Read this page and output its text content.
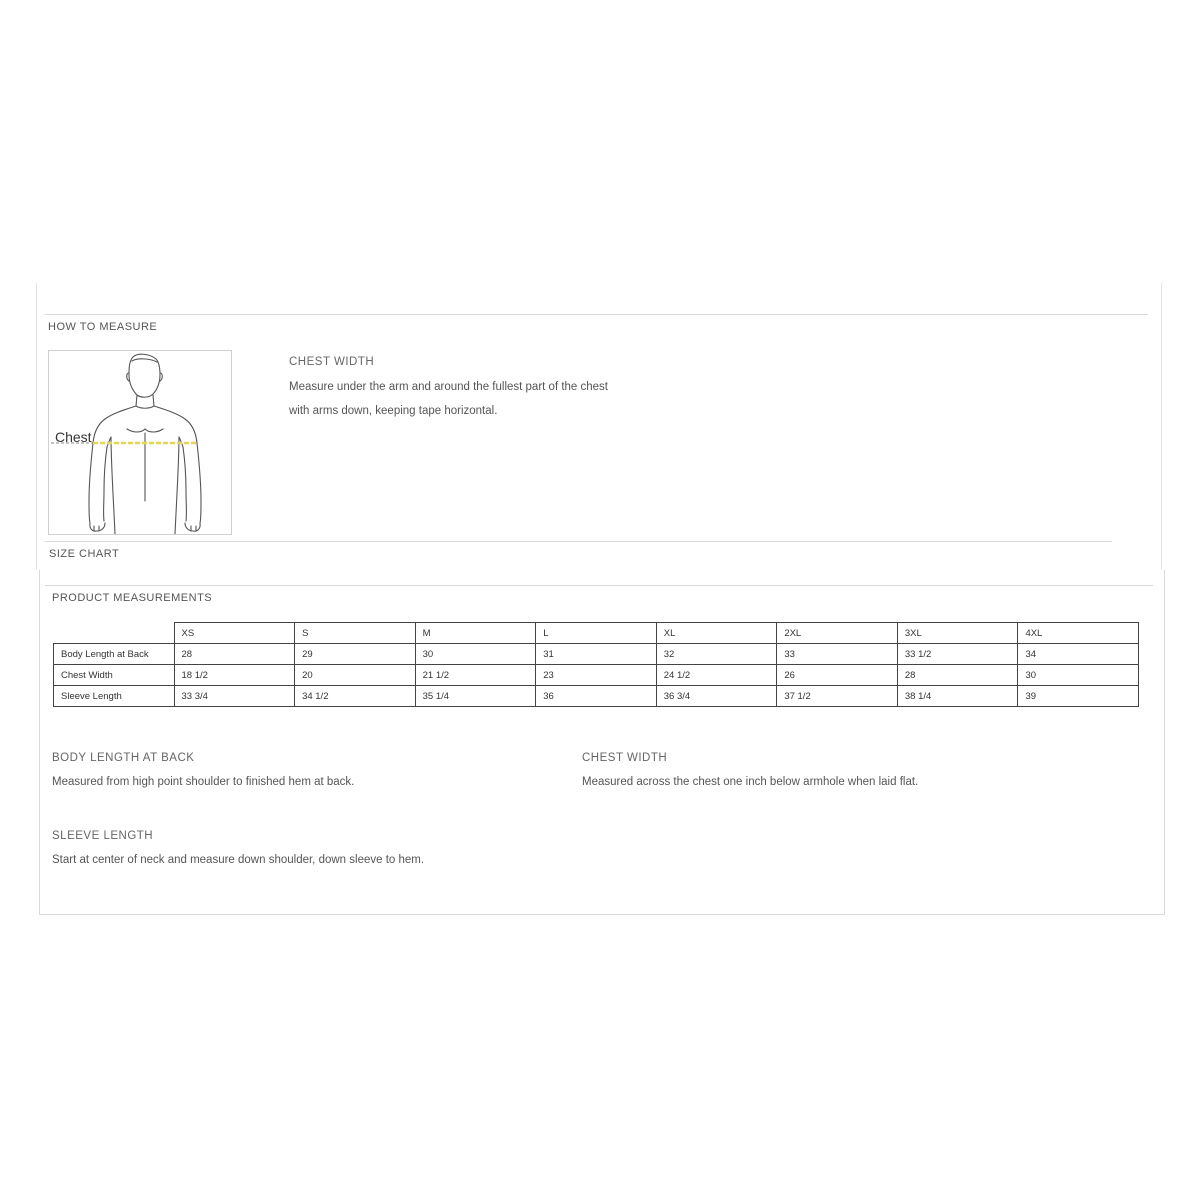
HOW TO MEASURE
Chest
CHEST WIDTH
Measure under the arm and around the fullest part of the chest
with arms down, keeping tape horizontal.
SIZE CHART
PRODUCT MEASUREMENTS
	XS	S	M	L	XL	2XL	3XL	4XL
Body Length at Back	28	29	30	31	32	33	33 1/2	34
Chest Width	18 1/2	20	21 1/2	23	24 1/2	26	28	30
Sleeve Length	33 3/4	34 1/2	35 1/4	36	36 3/4	37 1/2	38 1/4	39
BODY LENGTH AT BACK
Measured from high point shoulder to finished hem at back.
CHEST WIDTH
Measured across the chest one inch below armhole when laid flat.
SLEEVE LENGTH
Start at center of neck and measure down shoulder, down sleeve to hem.
